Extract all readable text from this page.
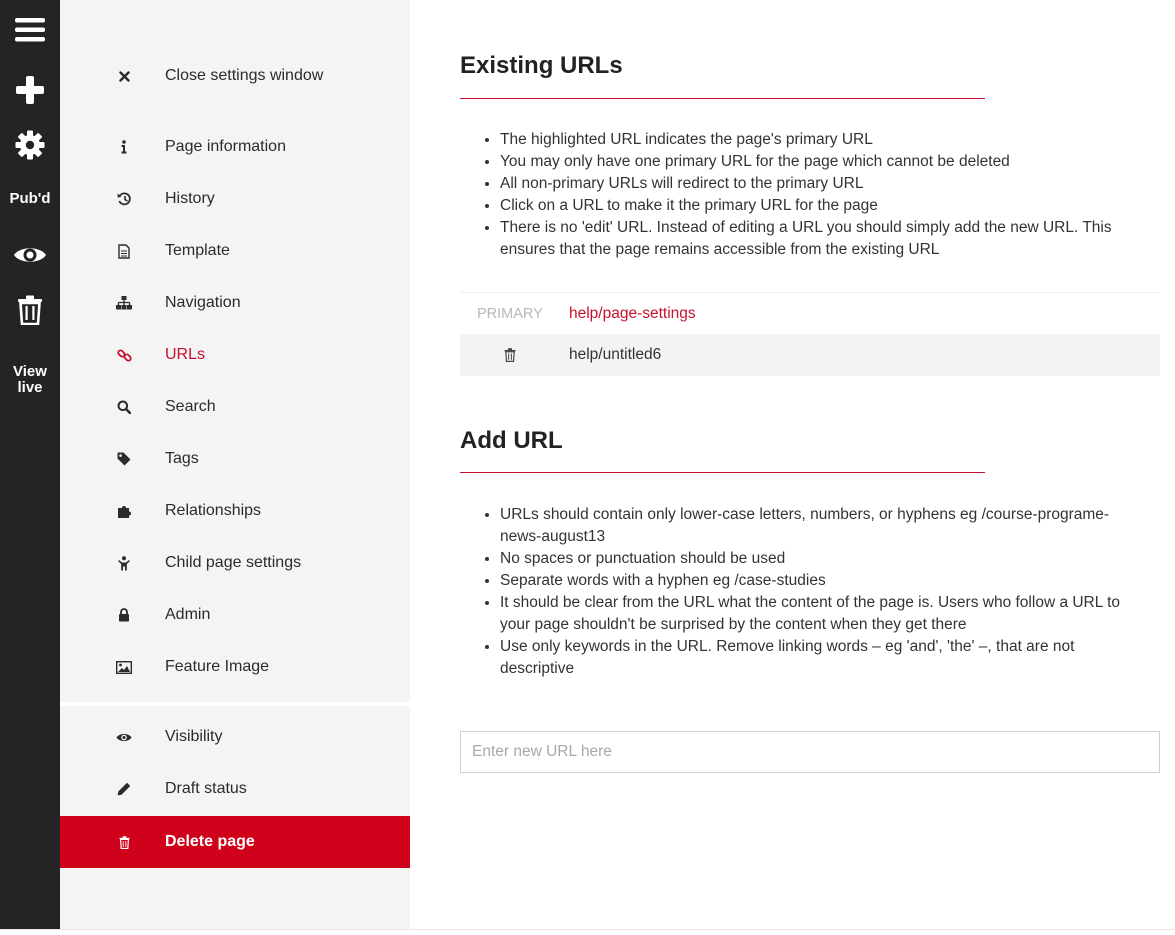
Pub'd
View
live
Close settings window
Page information
History
Template
Navigation
URLs
Search
Tags
Relationships
Child page settings
Admin
Feature Image
Visibility
Draft status
Delete page
Existing URLs
• The highlighted URL indicates the page's primary URL
• You may only have one primary URL for the page which cannot be deleted
• All non-primary URLs will redirect to the primary URL
• Click on a URL to make it the primary URL for the page
• There is no 'edit' URL. Instead of editing a URL you should simply add the new URL. This ensures that the page remains accessible from the existing URL
PRIMARY help/page-settings
help/untitled6
Add URL
• URLs should contain only lower-case letters, numbers, or hyphens eg /course-programe-news-august13
• No spaces or punctuation should be used
• Separate words with a hyphen eg /case-studies
• It should be clear from the URL what the content of the page is. Users who follow a URL to your page shouldn't be surprised by the content when they get there
• Use only keywords in the URL. Remove linking words – eg 'and', 'the' –, that are not descriptive
Enter new URL here
